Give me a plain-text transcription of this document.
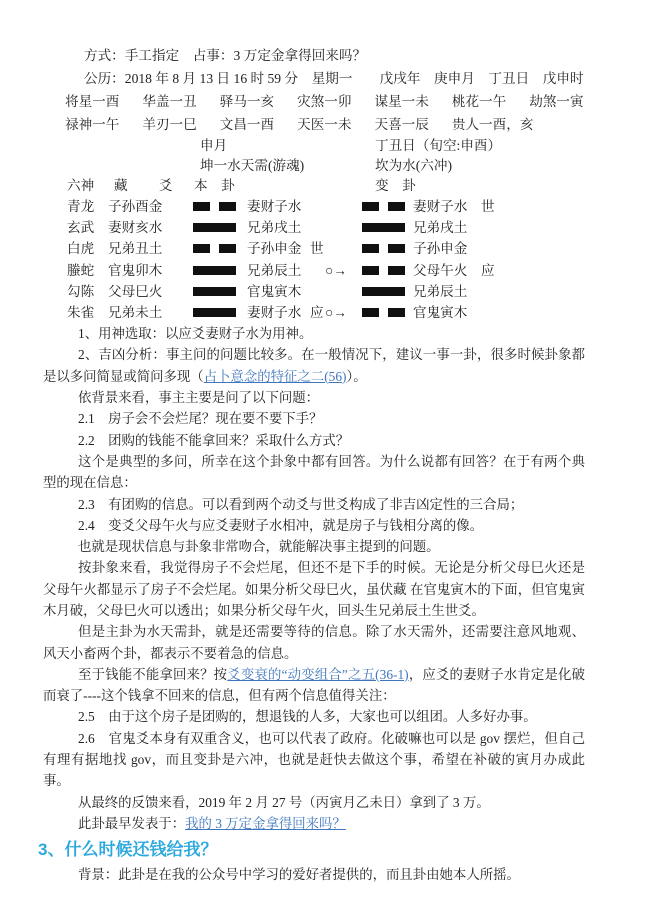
方式：手工指定　占事：3 万定金拿得回来吗？

公历：2018 年 8 月 13 日 16 时 59 分　星期一　　戊戌年　庚申月　丁丑日　戊申时

将星一酉 华盖一丑 驿马一亥 灾煞一卯 谋星一未 桃花一午 劫煞一寅

禄神一午 羊刃一巳 文昌一酉 天医一未 天喜一辰 贵人一酉，亥

申月	丁丑日（旬空:申酉）
坤一水天需(游魂)	坎为水(六冲)
六神 藏 爻 本　卦	变　卦
青龙	子孙酉金	妻财子水	妻财子水	世
玄武	妻财亥水	兄弟戌土	兄弟戌土
白虎	兄弟丑土	子孙申金 世	子孙申金
螣蛇	官鬼卯木	兄弟辰土	○→	父母午火	应
勾陈	父母巳火	官鬼寅木	兄弟辰土
朱雀	兄弟未土	妻财子水 应 ○→	官鬼寅木

1、用神选取：以应爻妻财子水为用神。

2、吉凶分析：事主问的问题比较多。在一般情况下，建议一事一卦，很多时候卦象都是以多问简显或简问多现（占卜意念的特征之二(56)）。

依背景来看，事主主要是问了以下问题：

2.1　房子会不会烂尾？现在要不要下手？

2.2　团购的钱能不能拿回来？采取什么方式？

这个是典型的多问，所幸在这个卦象中都有回答。为什么说都有回答？在于有两个典型的现在信息：

2.3　有团购的信息。可以看到两个动爻与世爻构成了非吉凶定性的三合局；

2.4　变爻父母午火与应爻妻财子水相冲，就是房子与钱相分离的像。

也就是现状信息与卦象非常吻合，就能解决事主提到的问题。

按卦象来看，我觉得房子不会烂尾，但还不是下手的时候。无论是分析父母巳火还是父母午火都显示了房子不会烂尾。如果分析父母巳火，虽伏藏 在官鬼寅木的下面，但官鬼寅木月破，父母巳火可以透出；如果分析父母午火，回头生兄弟辰土生世爻。

但是主卦为水天需卦，就是还需要等待的信息。除了水天需外，还需要注意风地观、风天小畜两个卦，都表示不要着急的信息。

至于钱能不能拿回来？按爻变衰的“动变组合”之五(36-1)，应爻的妻财子水肯定是化破而衰了----这个钱拿不回来的信息，但有两个信息值得关注：

2.5　由于这个房子是团购的，想退钱的人多，大家也可以组团。人多好办事。

2.6　官鬼爻本身有双重含义，也可以代表了政府。化破嘛也可以是 gov 摆烂，但自己有理有据地找 gov，而且变卦是六冲，也就是赶快去做这个事，希望在补破的寅月办成此事。

从最终的反馈来看，2019 年 2 月 27 号（丙寅月乙未日）拿到了 3 万。

此卦最早发表于：我的 3 万定金拿得回来吗？

3、什么时候还钱给我？

背景：此卦是在我的公众号中学习的爱好者提供的，而且卦由她本人所摇。
